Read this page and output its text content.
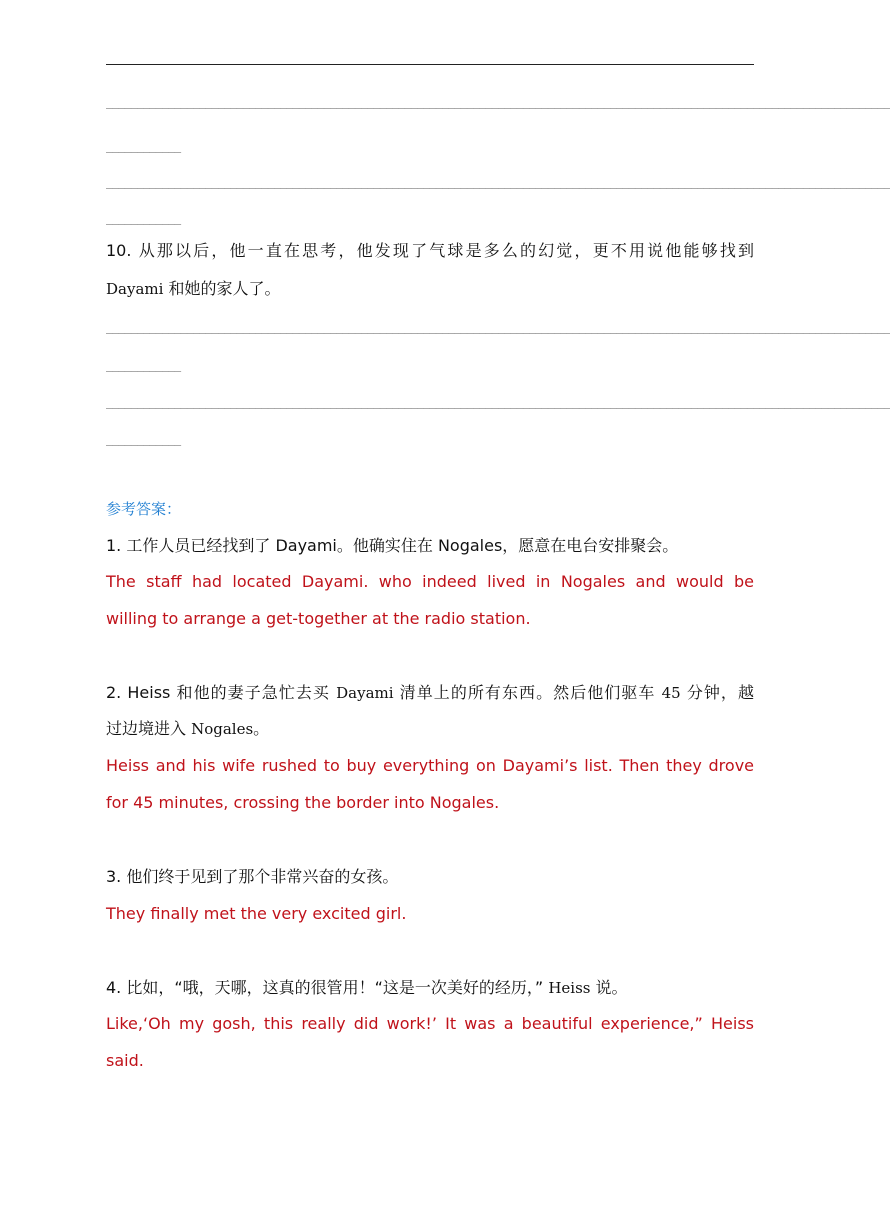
______________________________________________________________________________________________________________________________
____________
______________________________________________________________________________________________________________________________
____________
10. 从那以后，他一直在思考，他发现了气球是多么的幻觉，更不用说他能够找到
Dayami 和她的家人了。
______________________________________________________________________________________________________________________________
____________
______________________________________________________________________________________________________________________________
____________
参考答案：
1. 工作人员已经找到了 Dayami。他确实住在 Nogales，愿意在电台安排聚会。
The staff had located Dayami. who indeed lived in Nogales and would be
willing to arrange a get-together at the radio station.
2. Heiss 和他的妻子急忙去买 Dayami 清单上的所有东西。然后他们驱车 45 分钟，越
过边境进入 Nogales。
Heiss and his wife rushed to buy everything on Dayami’s list. Then they drove
for 45 minutes, crossing the border into Nogales.
3. 他们终于见到了那个非常兴奋的女孩。
They finally met the very excited girl.
4. 比如，“哦，天哪，这真的很管用！“这是一次美好的经历，” Heiss 说。
Like,‘Oh my gosh, this really did work!’ It was a beautiful experience,” Heiss
said.
